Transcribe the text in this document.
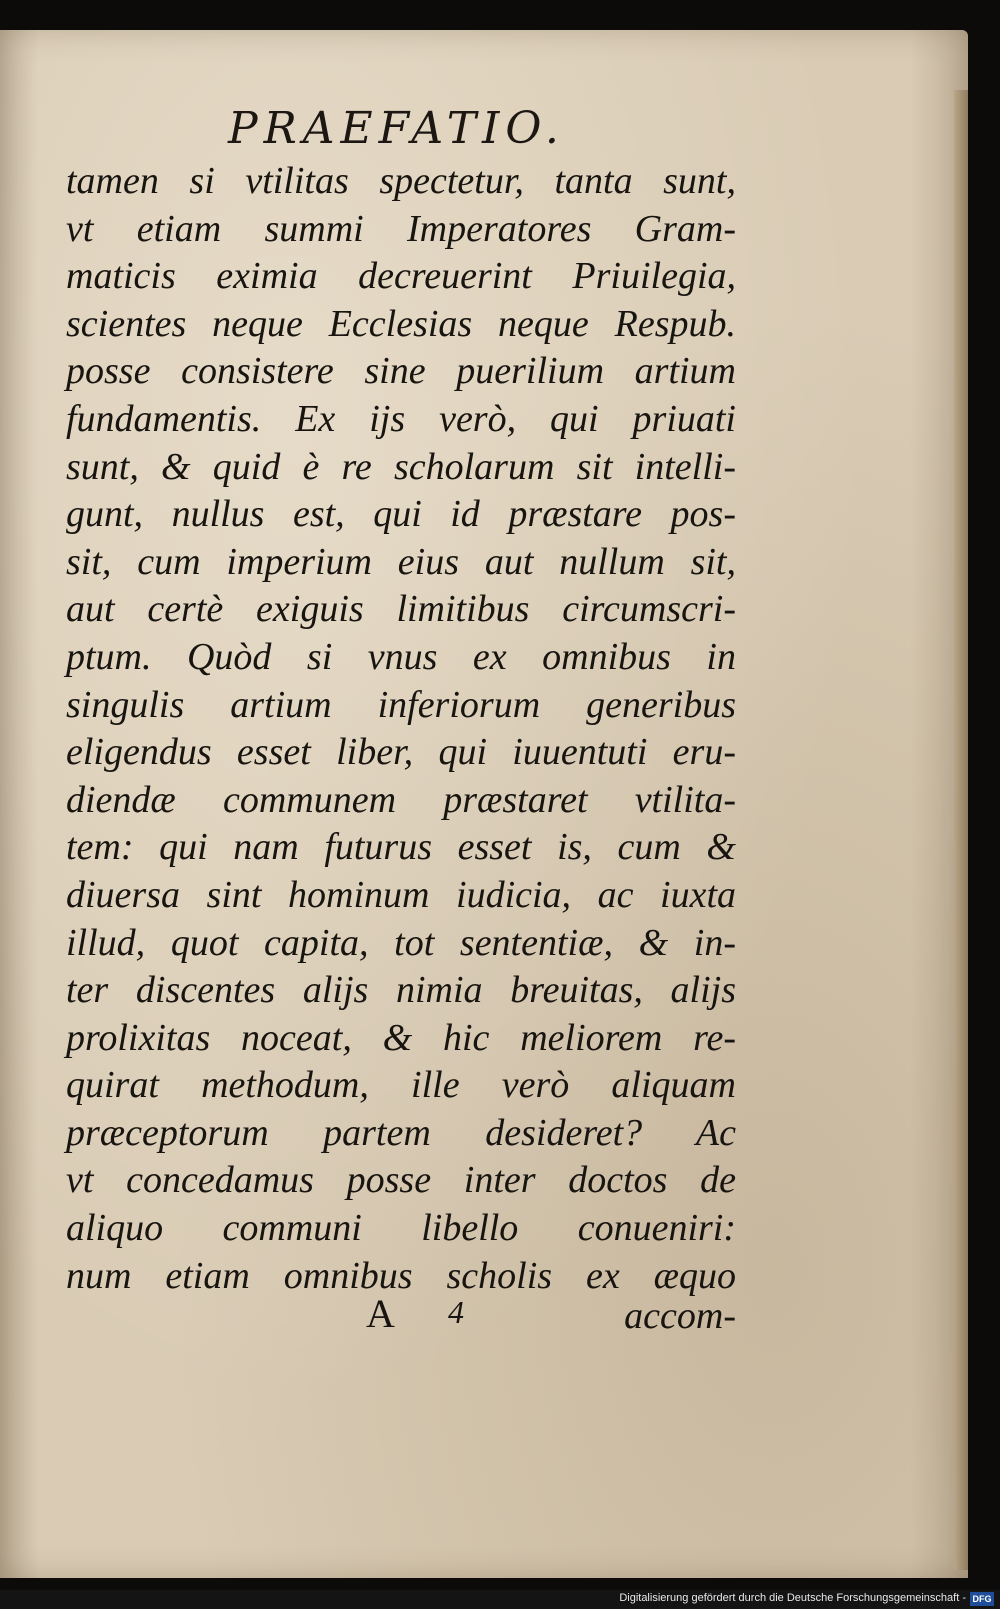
PRAEFATIO.
tamen si vtilitas spectetur, tanta sunt,
vt etiam summi Imperatores Gram-
maticis eximia decreuerint Priuilegia,
scientes neque Ecclesias neque Respub.
posse consistere sine puerilium artium
fundamentis. Ex ijs verò, qui priuati
sunt, & quid è re scholarum sit intelli-
gunt, nullus est, qui id præstare pos-
sit, cum imperium eius aut nullum sit,
aut certè exiguis limitibus circumscri-
ptum. Quòd si vnus ex omnibus in
singulis artium inferiorum generibus
eligendus esset liber, qui iuuentuti eru-
diendæ communem præstaret vtilita-
tem: qui nam futurus esset is, cum &
diuersa sint hominum iudicia, ac iuxta
illud, quot capita, tot sententiæ, & in-
ter discentes alijs nimia breuitas, alijs
prolixitas noceat, & hic meliorem re-
quirat methodum, ille verò aliquam
præceptorum partem desideret? Ac
vt concedamus posse inter doctos de
aliquo communi libello conueniri:
num etiam omnibus scholis ex æquo
A 4	accom-
Digitalisierung gefördert durch die Deutsche Forschungsgemeinschaft - DFG
